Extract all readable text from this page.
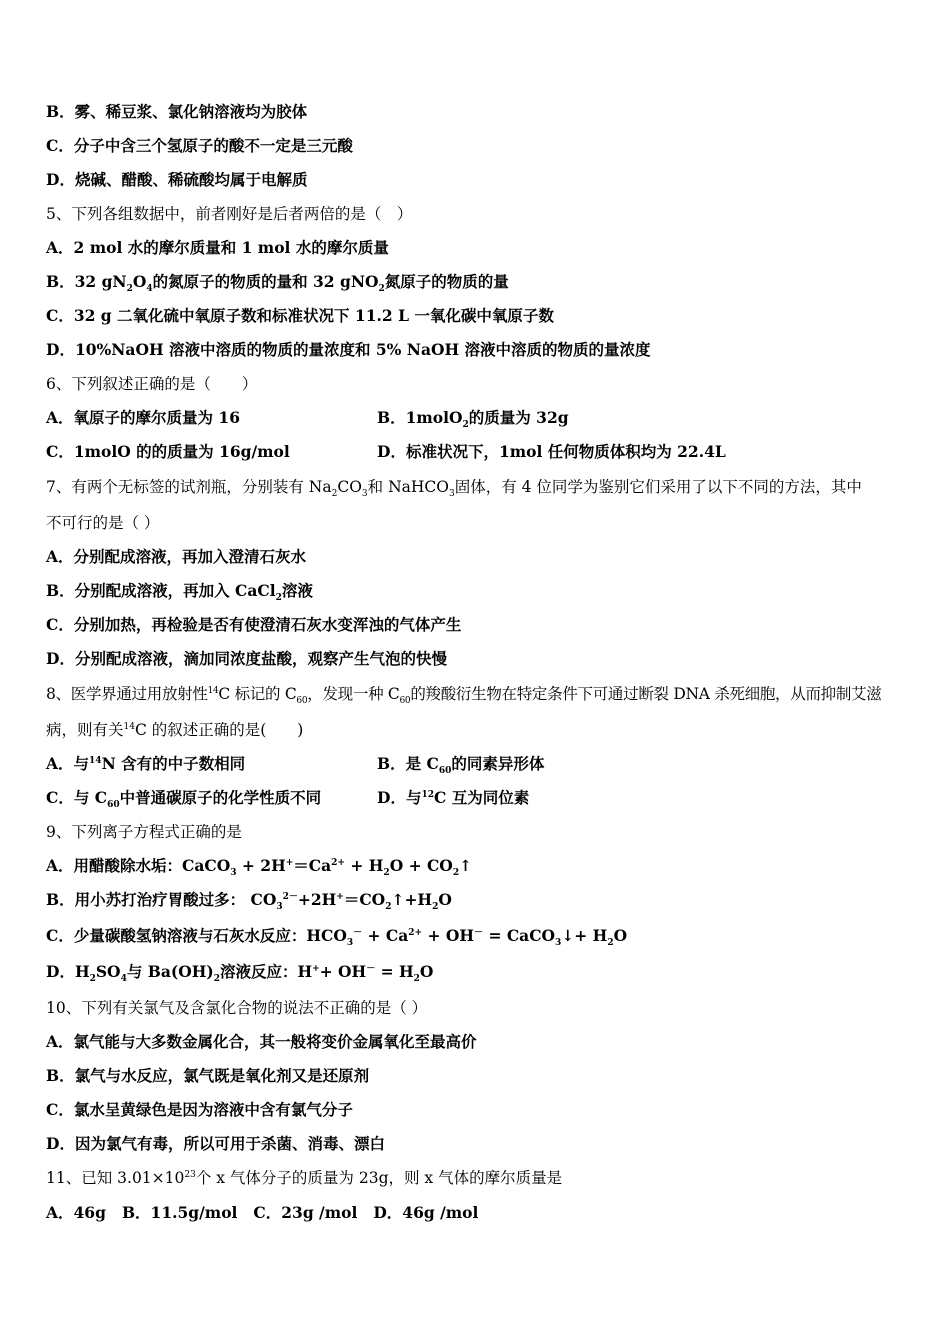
B．雾、稀豆浆、氯化钠溶液均为胶体
C．分子中含三个氢原子的酸不一定是三元酸
D．烧碱、醋酸、稀硫酸均属于电解质
5、下列各组数据中，前者刚好是后者两倍的是（　）
A．2 mol 水的摩尔质量和 1 mol 水的摩尔质量
B．32 $gN_2O_4$的氮原子的物质的量和 32 gNO$_2$氮原子的物质的量
C．32 g 二氧化硫中氧原子数和标准状况下 11.2 L 一氧化碳中氧原子数
D．10%NaOH 溶液中溶质的物质的量浓度和 5% NaOH 溶液中溶质的物质的量浓度
6、下列叙述正确的是（　　）
A．氧原子的摩尔质量为 16	B．1molO$_2$的质量为 32g
C．1molO 的的质量为 16g/mol	D．标准状况下，1mol 任何物质体积均为 22.4L
7、有两个无标签的试剂瓶，分别装有 $Na_2CO_3$和 NaHCO$_3$固体，有 4 位同学为鉴别它们采用了以下不同的方法，其中
不可行的是（ ）
A．分别配成溶液，再加入澄清石灰水
B．分别配成溶液，再加入 CaCl$_2$溶液
C．分别加热，再检验是否有使澄清石灰水变浑浊的气体产生
D．分别配成溶液，滴加同浓度盐酸，观察产生气泡的快慢
8、医学界通过用放射性$^{14}$C 标记的 $C_{60}$，发现一种 $C_{60}$的羧酸衍生物在特定条件下可通过断裂 DNA 杀死细胞，从而抑制艾滋
病，则有关$^{14}$C 的叙述正确的是(　　)
A．与$^{14}$N 含有的中子数相同	B．是 $C_{60}$的同素异形体
C．与 $C_{60}$中普通碳原子的化学性质不同	D．与$^{12}$C 互为同位素
9、下列离子方程式正确的是
A．用醋酸除水垢：CaCO$_3$ + $2H^+=Ca^{2+} + H_2O$ + $CO_2↑$
B．用小苏打治疗胃酸过多： $CO_3^{2-}+2H^+=CO_2↑+H_2O$
C．少量碳酸氢钠溶液与石灰水反应：$HCO_3^- + Ca^{2+} + OH^-$ = CaCO$_3$↓+ $H_2O$
D．$H_2SO_4$与 $Ba(OH)_2$溶液反应：$H^++ OH^- = H_2O$
10、下列有关氯气及含氯化合物的说法不正确的是（ ）
A．氯气能与大多数金属化合，其一般将变价金属氧化至最高价
B．氯气与水反应，氯气既是氧化剂又是还原剂
C．氯水呈黄绿色是因为溶液中含有氯气分子
D．因为氯气有毒，所以可用于杀菌、消毒、漂白
11、已知 $3.01\times 10^{23}$个 x 气体分子的质量为 23g，则 x 气体的摩尔质量是
A．46g B．11.5g/mol C．23g /mol D．46g /mol
